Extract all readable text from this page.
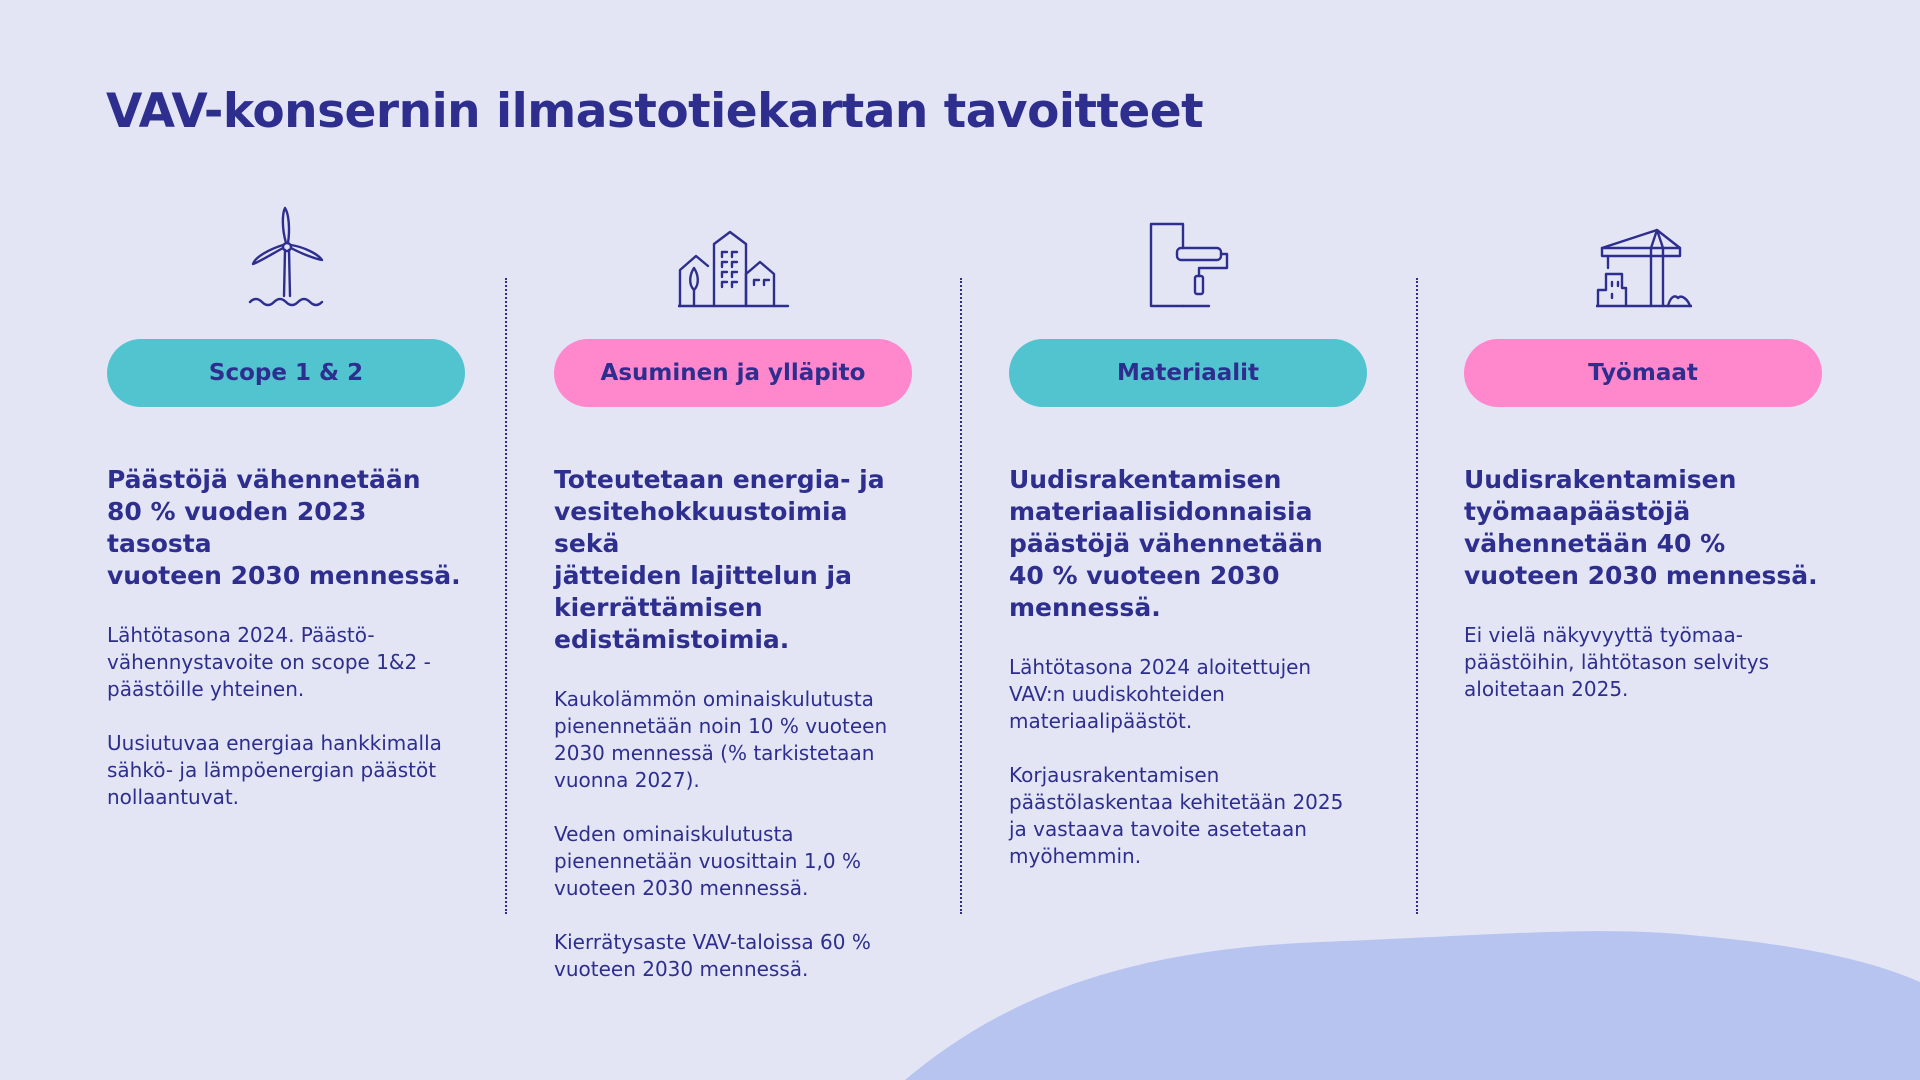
VAV-konsernin ilmastotiekartan tavoitteet
Scope 1 & 2
Päästöjä vähennetään
80 % vuoden 2023 tasosta
vuoteen 2030 mennessä.

Lähtötasona 2024. Päästö-
vähennystavoite on scope 1&2 -
päästöille yhteinen.

Uusiutuvaa energiaa hankkimalla
sähkö- ja lämpöenergian päästöt
nollaantuvat.

Asuminen ja ylläpito
Toteutetaan energia- ja
vesitehokkuustoimia sekä
jätteiden lajittelun ja
kierrättämisen
edistämistoimia.

Kaukolämmön ominaiskulutusta
pienennetään noin 10 % vuoteen
2030 mennessä (% tarkistetaan
vuonna 2027).

Veden ominaiskulutusta
pienennetään vuosittain 1,0 %
vuoteen 2030 mennessä.

Kierrätysaste VAV-taloissa 60 %
vuoteen 2030 mennessä.

Materiaalit
Uudisrakentamisen
materiaalisidonnaisia
päästöjä vähennetään
40 % vuoteen 2030
mennessä.

Lähtötasona 2024 aloitettujen
VAV:n uudiskohteiden
materiaalipäästöt.

Korjausrakentamisen
päästölaskentaa kehitetään 2025
ja vastaava tavoite asetetaan
myöhemmin.

Työmaat
Uudisrakentamisen
työmaapäästöjä
vähennetään 40 %
vuoteen 2030 mennessä.

Ei vielä näkyvyyttä työmaa-
päästöihin, lähtötason selvitys
aloitetaan 2025.
